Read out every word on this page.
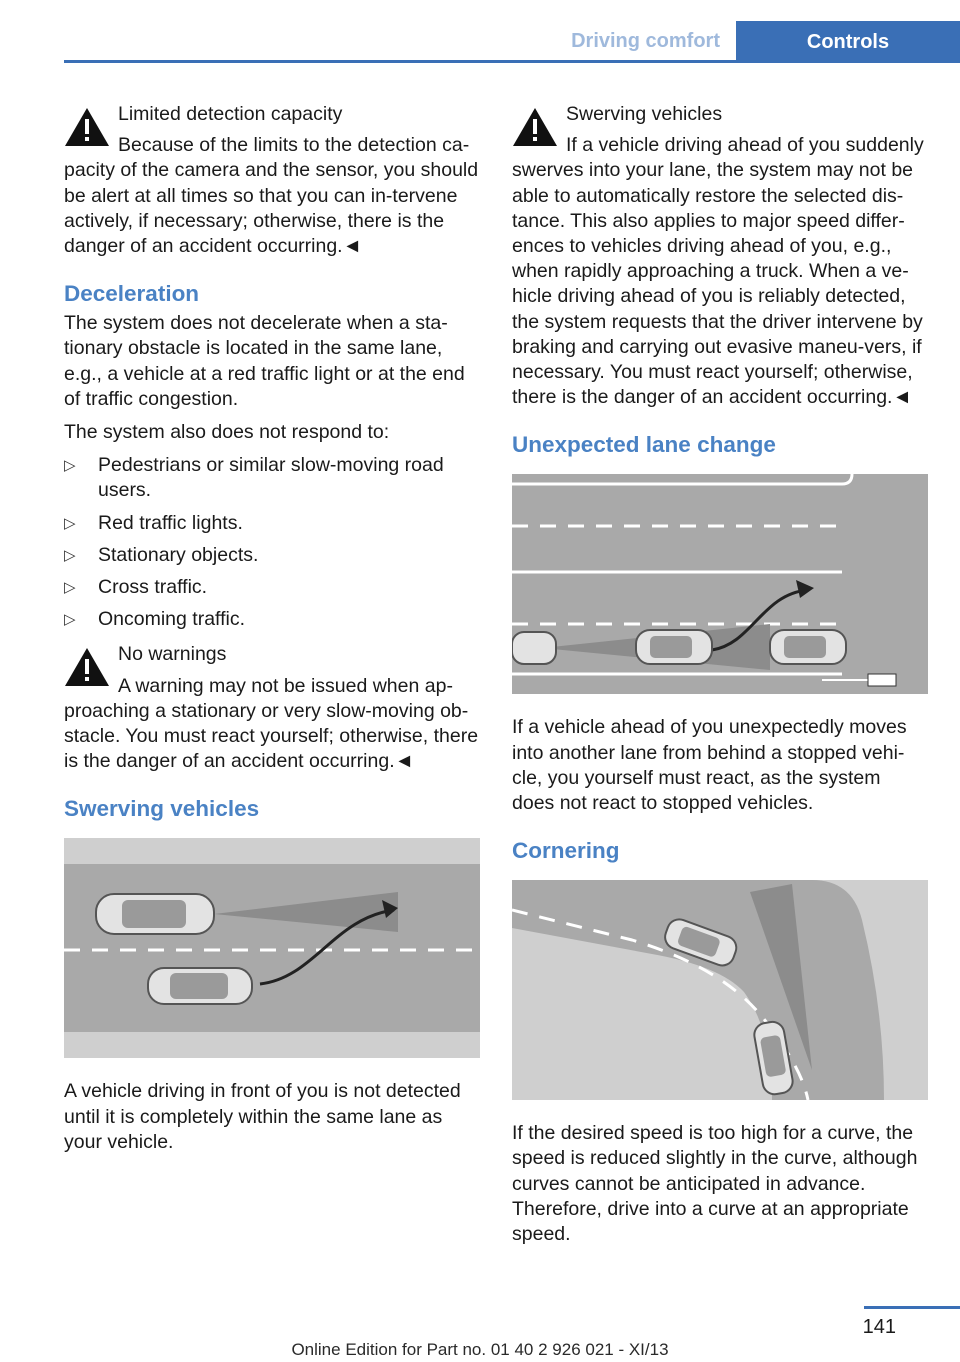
Driving comfort	Controls

Limited detection capacity

Because of the limits to the detection ca-pacity of the camera and the sensor, you should be alert at all times so that you can in-tervene actively, if necessary; otherwise, there is the danger of an accident occurring.◄

Deceleration

The system does not decelerate when a sta-tionary obstacle is located in the same lane, e.g., a vehicle at a red traffic light or at the end of traffic congestion.

The system also does not respond to:

▷ Pedestrians or similar slow-moving road users.
▷ Red traffic lights.
▷ Stationary objects.
▷ Cross traffic.
▷ Oncoming traffic.

No warnings

A warning may not be issued when ap-proaching a stationary or very slow-moving ob-stacle. You must react yourself; otherwise, there is the danger of an accident occurring.◄

Swerving vehicles

A vehicle driving in front of you is not detected until it is completely within the same lane as your vehicle.

Swerving vehicles

If a vehicle driving ahead of you suddenly swerves into your lane, the system may not be able to automatically restore the selected dis-tance. This also applies to major speed differ-ences to vehicles driving ahead of you, e.g., when rapidly approaching a truck. When a ve-hicle driving ahead of you is reliably detected, the system requests that the driver intervene by braking and carrying out evasive maneu-vers, if necessary. You must react yourself; otherwise, there is the danger of an accident occurring.◄

Unexpected lane change

If a vehicle ahead of you unexpectedly moves into another lane from behind a stopped vehi-cle, you yourself must react, as the system does not react to stopped vehicles.

Cornering

If the desired speed is too high for a curve, the speed is reduced slightly in the curve, although curves cannot be anticipated in advance. Therefore, drive into a curve at an appropriate speed.

141
Online Edition for Part no. 01 40 2 926 021 - XI/13
